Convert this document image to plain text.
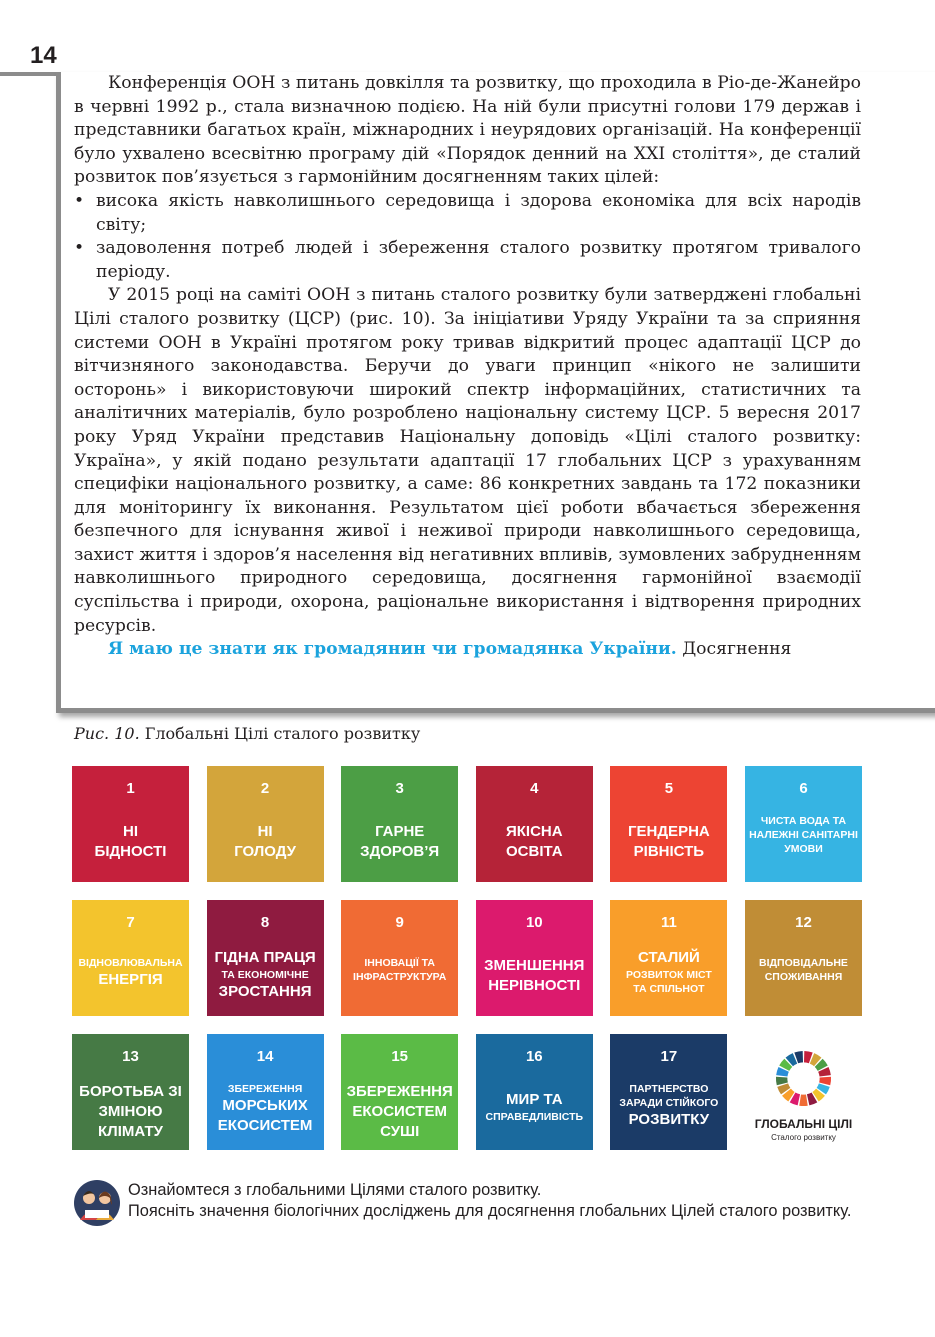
14

Конференція ООН з питань довкілля та розвитку, що проходила в Ріо-де-Жанейро в червні 1992 р., стала визначною подією. На ній були присутні голови 179 держав і представники багатьох країн, міжнародних і неурядових організацій. На конференції було ухвалено всесвітню програму дій «Порядок денний на XXI століття», де сталий розвиток пов’язується з гармонійним досягненням таких цілей:

• висока якість навколишнього середовища і здорова економіка для всіх народів світу;
• задоволення потреб людей і збереження сталого розвитку протягом тривалого періоду.

У 2015 році на саміті ООН з питань сталого розвитку були затверджені глобальні Цілі сталого розвитку (ЦСР) (рис. 10). За ініціативи Уряду України та за сприяння системи ООН в Україні протягом року тривав відкритий процес адаптації ЦСР до вітчизняного законодавства. Беручи до уваги принцип «нікого не залишити осторонь» і використовуючи широкий спектр інформаційних, статистичних та аналітичних матеріалів, було розроблено національну систему ЦСР. 5 вересня 2017 року Уряд України представив Національну доповідь «Цілі сталого розвитку: Україна», у якій подано результати адаптації 17 глобальних ЦСР з урахуванням специфіки національного розвитку, а саме: 86 конкретних завдань та 172 показники для моніторингу їх виконання. Результатом цієї роботи вбачається збереження безпечного для існування живої і неживої природи навколишнього середовища, захист життя і здоров’я населення від негативних впливів, зумовлених забрудненням навколишнього природного середовища, досягнення гармонійної взаємодії суспільства і природи, охорона, раціональне використання і відтворення природних ресурсів.

Я маю це знати як громадянин чи громадянка України. Досягнення

Рис. 10. Глобальні Цілі сталого розвитку
ГЛОБАЛЬНІ ЦІЛІ
Сталого розвитку
1
НІ
БІДНОСТІ
2
НІ
ГОЛОДУ
3
ГАРНЕ
ЗДОРОВ’Я
4
ЯКІСНА
ОСВІТА
5
ГЕНДЕРНА
РІВНІСТЬ
6
ЧИСТА ВОДА ТА
НАЛЕЖНІ САНІТАРНІ
УМОВИ
7
ВІДНОВЛЮВАЛЬНА
ЕНЕРГІЯ
8
ГІДНА ПРАЦЯ
ТА ЕКОНОМІЧНЕ
ЗРОСТАННЯ
9
ІННОВАЦІЇ ТА
ІНФРАСТРУКТУРА
10
ЗМЕНШЕННЯ
НЕРІВНОСТІ
11
СТАЛИЙ
РОЗВИТОК МІСТ
ТА СПІЛЬНОТ
12
ВІДПОВІДАЛЬНЕ
СПОЖИВАННЯ
13
БОРОТЬБА ЗІ
ЗМІНОЮ
КЛІМАТУ
14
ЗБЕРЕЖЕННЯ
МОРСЬКИХ
ЕКОСИСТЕМ
15
ЗБЕРЕЖЕННЯ
ЕКОСИСТЕМ
СУШІ
16
МИР ТА
СПРАВЕДЛИВІСТЬ
17
ПАРТНЕРСТВО
ЗАРАДИ СТІЙКОГО
РОЗВИТКУ
Ознайомтеся з глобальними Цілями сталого розвитку.
Поясніть значення біологічних досліджень для досягнення глобальних Цілей сталого розвитку.
